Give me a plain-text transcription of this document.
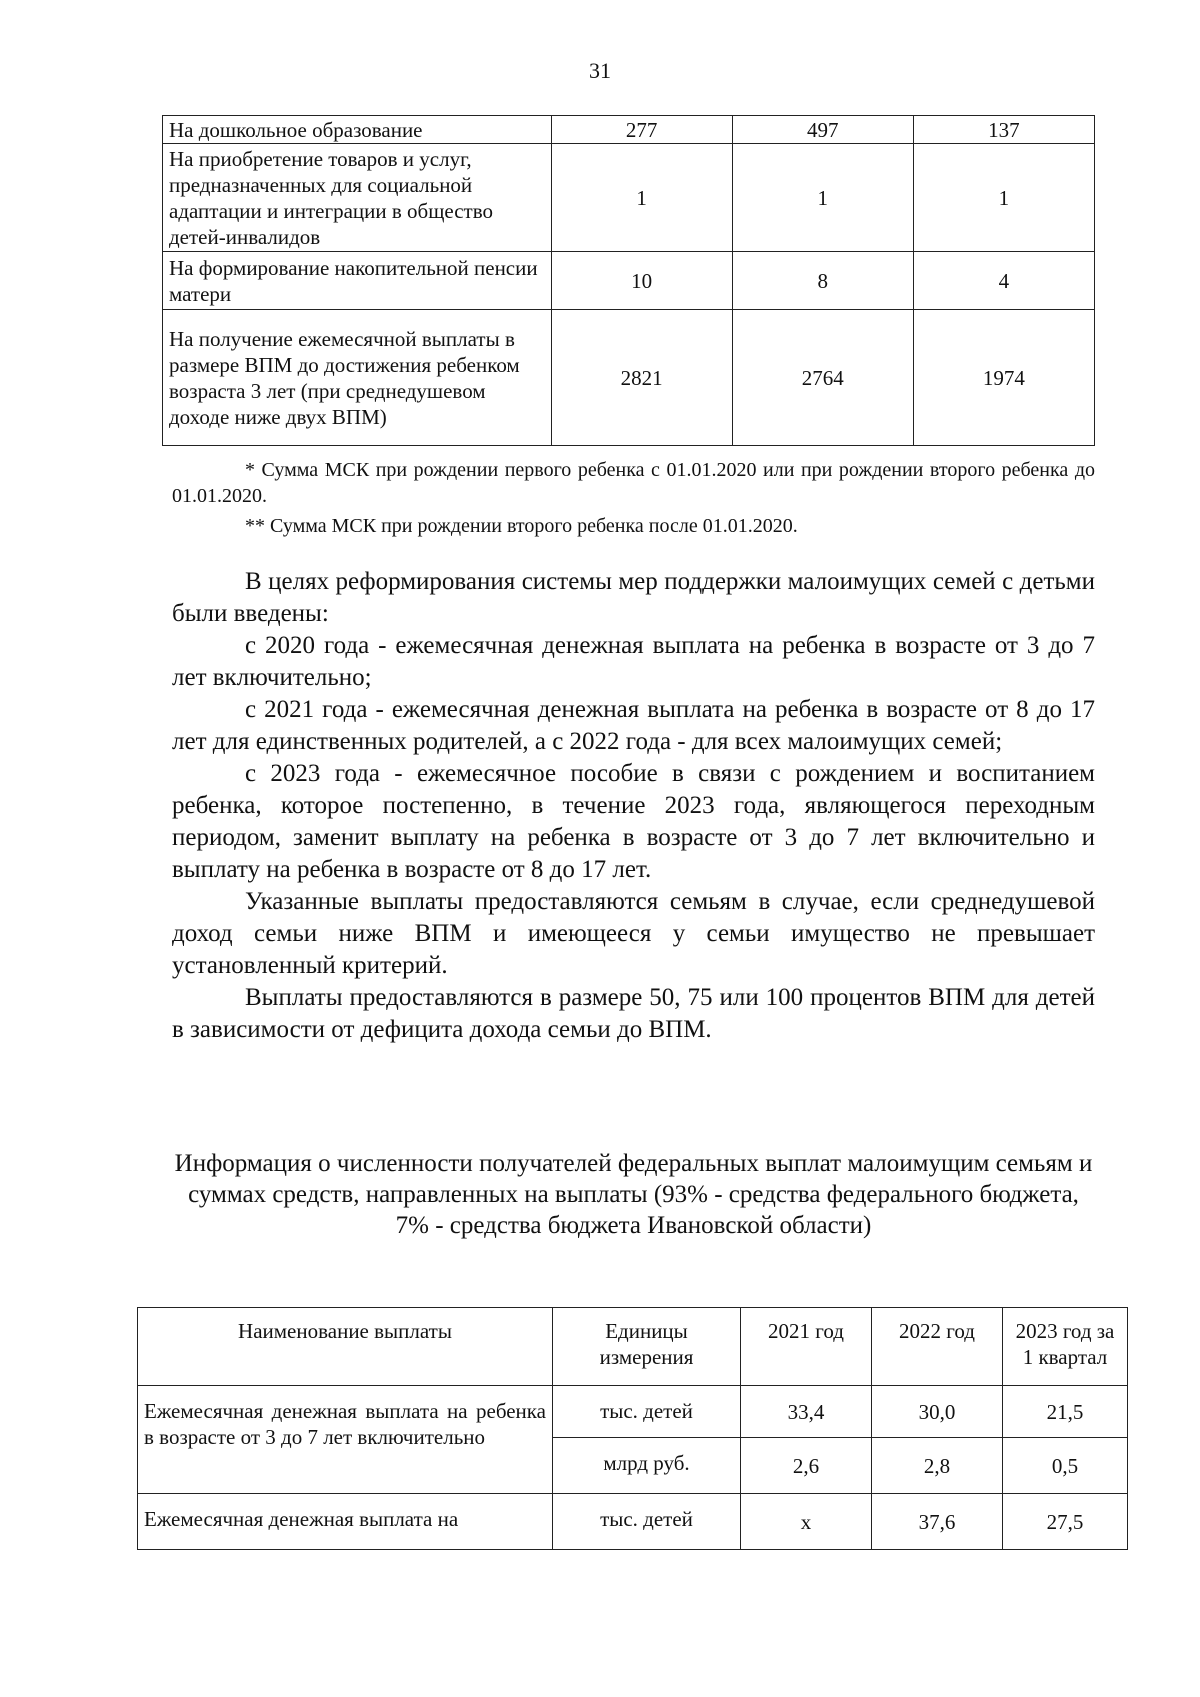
31
На дошкольное образование	277	497	137
На приобретение товаров и услуг, предназначенных для социальной адаптации и интеграции в общество детей-инвалидов	1	1	1
На формирование накопительной пенсии матери	10	8	4
На получение ежемесячной выплаты в размере ВПМ до достижения ребенком возраста 3 лет (при среднедушевом доходе ниже двух ВПМ)	2821	2764	1974
* Сумма МСК при рождении первого ребенка с 01.01.2020 или при рождении второго ребенка до 01.01.2020.
** Сумма МСК при рождении второго ребенка после 01.01.2020.

В целях реформирования системы мер поддержки малоимущих семей с детьми были введены:

с 2020 года - ежемесячная денежная выплата на ребенка в возрасте от 3 до 7 лет включительно;

с 2021 года - ежемесячная денежная выплата на ребенка в возрасте от 8 до 17 лет для единственных родителей, а с 2022 года - для всех малоимущих семей;

с 2023 года - ежемесячное пособие в связи с рождением и воспитанием ребенка, которое постепенно, в течение 2023 года, являющегося переходным периодом, заменит выплату на ребенка в возрасте от 3 до 7 лет включительно и выплату на ребенка в возрасте от 8 до 17 лет.

Указанные выплаты предоставляются семьям в случае, если среднедушевой доход семьи ниже ВПМ и имеющееся у семьи имущество не превышает установленный критерий.

Выплаты предоставляются в размере 50, 75 или 100 процентов ВПМ для детей в зависимости от дефицита дохода семьи до ВПМ.

Информация о численности получателей федеральных выплат малоимущим семьям и суммах средств, направленных на выплаты (93% - средства федерального бюджета, 7% - средства бюджета Ивановской области)
Наименование выплаты	Единицы измерения	2021 год	2022 год	2023 год за 1 квартал
Ежемесячная денежная выплата на ребенка в возрасте от 3 до 7 лет включительно	тыс. детей	33,4	30,0	21,5
	млрд руб.	2,6	2,8	0,5
Ежемесячная денежная выплата на	тыс. детей	х	37,6	27,5
